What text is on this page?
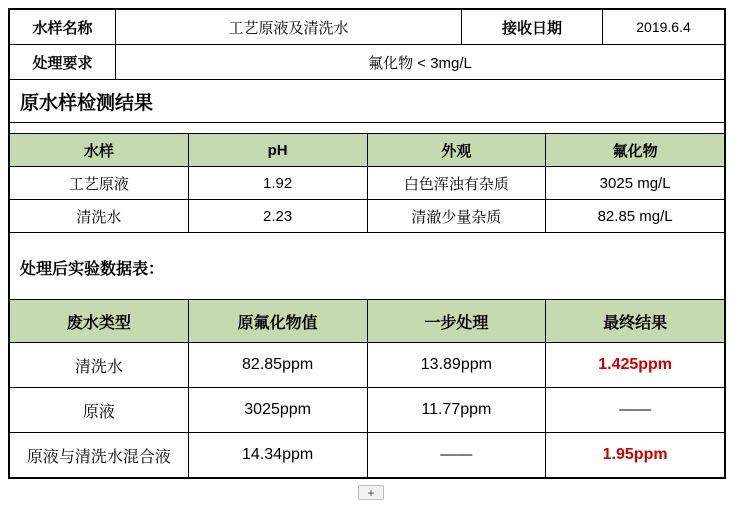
水样名称	工艺原液及清洗水	接收日期	2019.6.4
处理要求	氟化物 < 3mg/L		
原水样检测结果			

水样	pH	外观	氟化物
工艺原液	1.92	白色浑浊有杂质	3025 mg/L
清洗水	2.23	清澈少量杂质	82.85 mg/L

处理后实验数据表：			

废水类型	原氟化物值	一步处理	最终结果
清洗水	82.85ppm	13.89ppm	1.425ppm
原液	3025ppm	11.77ppm	——
原液与清洗水混合液	14.34ppm	——	1.95ppm
+
